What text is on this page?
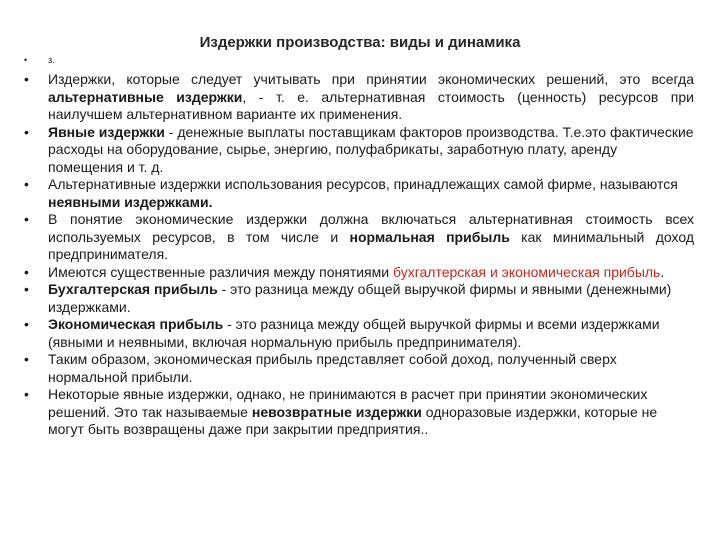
Издержки производства: виды и динамика
• з.
• Издержки, которые следует учитывать при принятии экономических решений, это всегда альтернативные издержки, - т. е. альтернативная стоимость (ценность) ресурсов при наилучшем альтернативном варианте их применения.
• Явные издержки - денежные выплаты поставщикам факторов производства. Т.е.это фактические расходы на оборудование, сырье, энергию, полуфабрикаты, заработную плату, аренду помещения и т. д.
• Альтернативные издержки использования ресурсов, принадлежащих самой фирме, называются неявными издержками.
• В понятие экономические издержки должна включаться альтернативная стоимость всех используемых ресурсов, в том числе и нормальная прибыль как минимальный доход предпринимателя.
• Имеются существенные различия между понятиями бухгалтерская и экономическая прибыль.
• Бухгалтерская прибыль - это разница между общей выручкой фирмы и явными (денежными) издержками.
• Экономическая прибыль - это разница между общей выручкой фирмы и всеми издержками (явными и неявными, включая нормальную прибыль предпринимателя).
• Таким образом, экономическая прибыль представляет собой доход, полученный сверх нормальной прибыли.
• Некоторые явные издержки, однако, не принимаются в расчет при принятии экономических решений. Это так называемые невозвратные издержки одноразовые издержки, которые не могут быть возвращены даже при закрытии предприятия..
